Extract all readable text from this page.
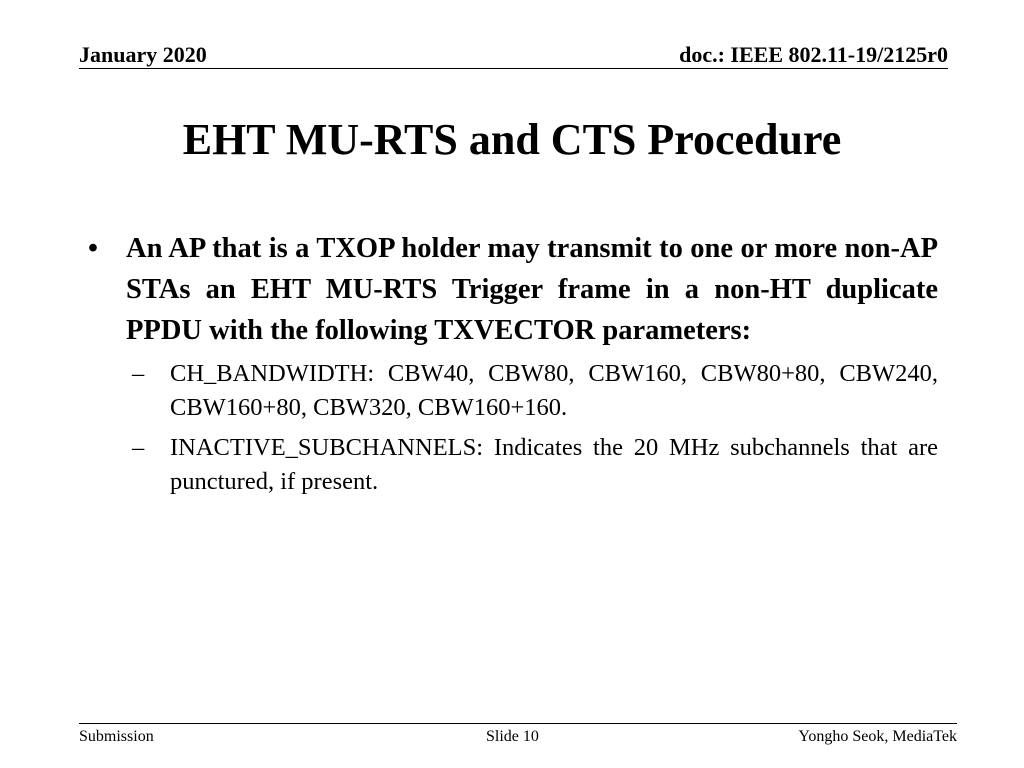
January 2020	doc.: IEEE 802.11-19/2125r0
EHT MU-RTS and CTS Procedure
• An AP that is a TXOP holder may transmit to one or more non-AP STAs an EHT MU-RTS Trigger frame in a non-HT duplicate PPDU with the following TXVECTOR parameters:
– CH_BANDWIDTH: CBW40, CBW80, CBW160, CBW80+80, CBW240, CBW160+80, CBW320, CBW160+160.
– INACTIVE_SUBCHANNELS: Indicates the 20 MHz subchannels that are punctured, if present.
Submission	Slide 10	Yongho Seok, MediaTek
